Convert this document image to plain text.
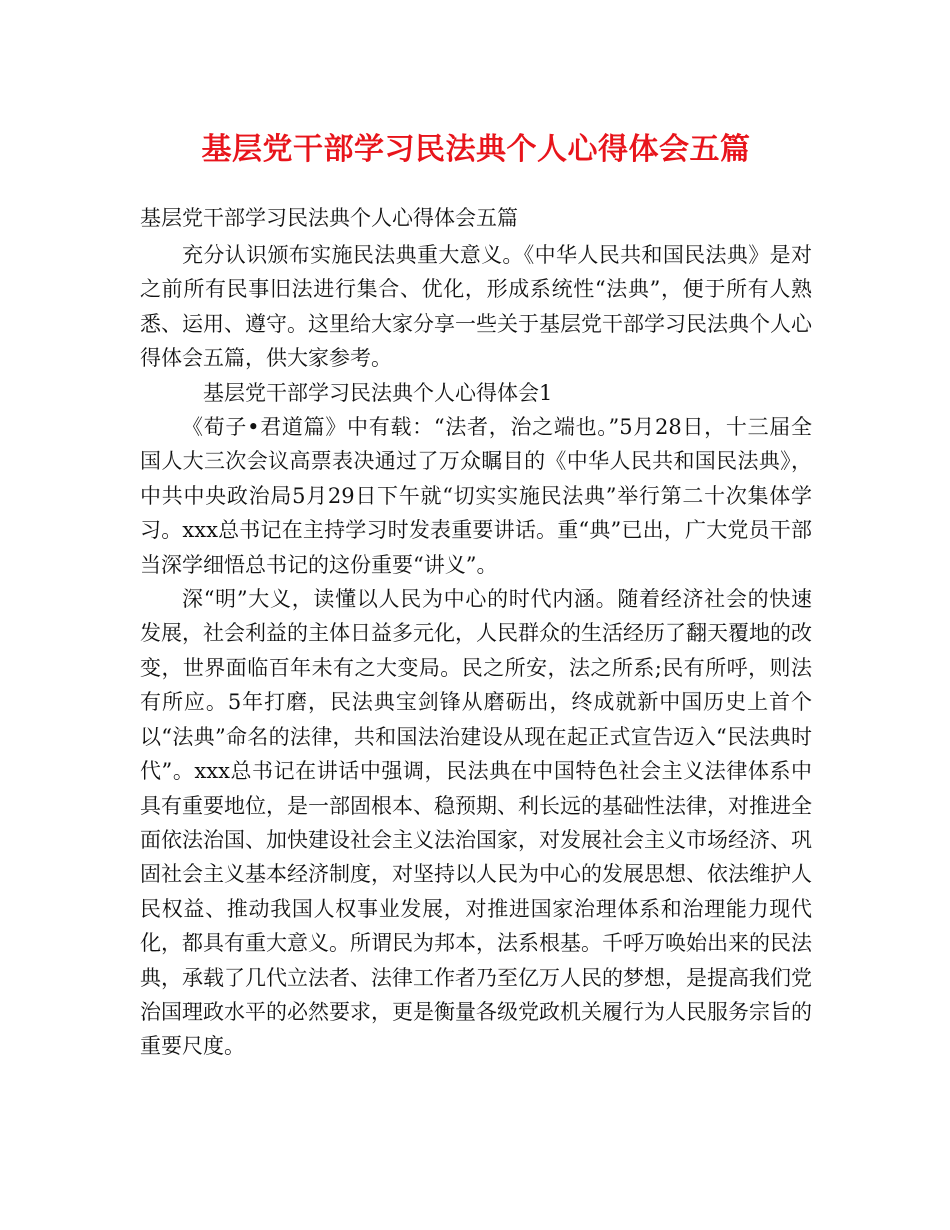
基层党干部学习民法典个人心得体会五篇

基层党干部学习民法典个人心得体会五篇

充分认识颁布实施民法典重大意义。《中华人民共和国民法典》是对之前所有民事旧法进行集合、优化，形成系统性“法典”，便于所有人熟悉、运用、遵守。这里给大家分享一些关于基层党干部学习民法典个人心得体会五篇，供大家参考。

基层党干部学习民法典个人心得体会1

《荀子•君道篇》中有载：“法者，治之端也。”5月28日，十三届全国人大三次会议高票表决通过了万众瞩目的《中华人民共和国民法典》，中共中央政治局5月29日下午就“切实实施民法典”举行第二十次集体学习。xxx总书记在主持学习时发表重要讲话。重“典”已出，广大党员干部当深学细悟总书记的这份重要“讲义”。

深“明”大义，读懂以人民为中心的时代内涵。随着经济社会的快速发展，社会利益的主体日益多元化，人民群众的生活经历了翻天覆地的改变，世界面临百年未有之大变局。民之所安，法之所系;民有所呼，则法有所应。5年打磨，民法典宝剑锋从磨砺出，终成就新中国历史上首个以“法典”命名的法律，共和国法治建设从现在起正式宣告迈入“民法典时代”。xxx总书记在讲话中强调，民法典在中国特色社会主义法律体系中具有重要地位，是一部固根本、稳预期、利长远的基础性法律，对推进全面依法治国、加快建设社会主义法治国家，对发展社会主义市场经济、巩固社会主义基本经济制度，对坚持以人民为中心的发展思想、依法维护人民权益、推动我国人权事业发展，对推进国家治理体系和治理能力现代化，都具有重大意义。所谓民为邦本，法系根基。千呼万唤始出来的民法典，承载了几代立法者、法律工作者乃至亿万人民的梦想，是提高我们党治国理政水平的必然要求，更是衡量各级党政机关履行为人民服务宗旨的重要尺度。
